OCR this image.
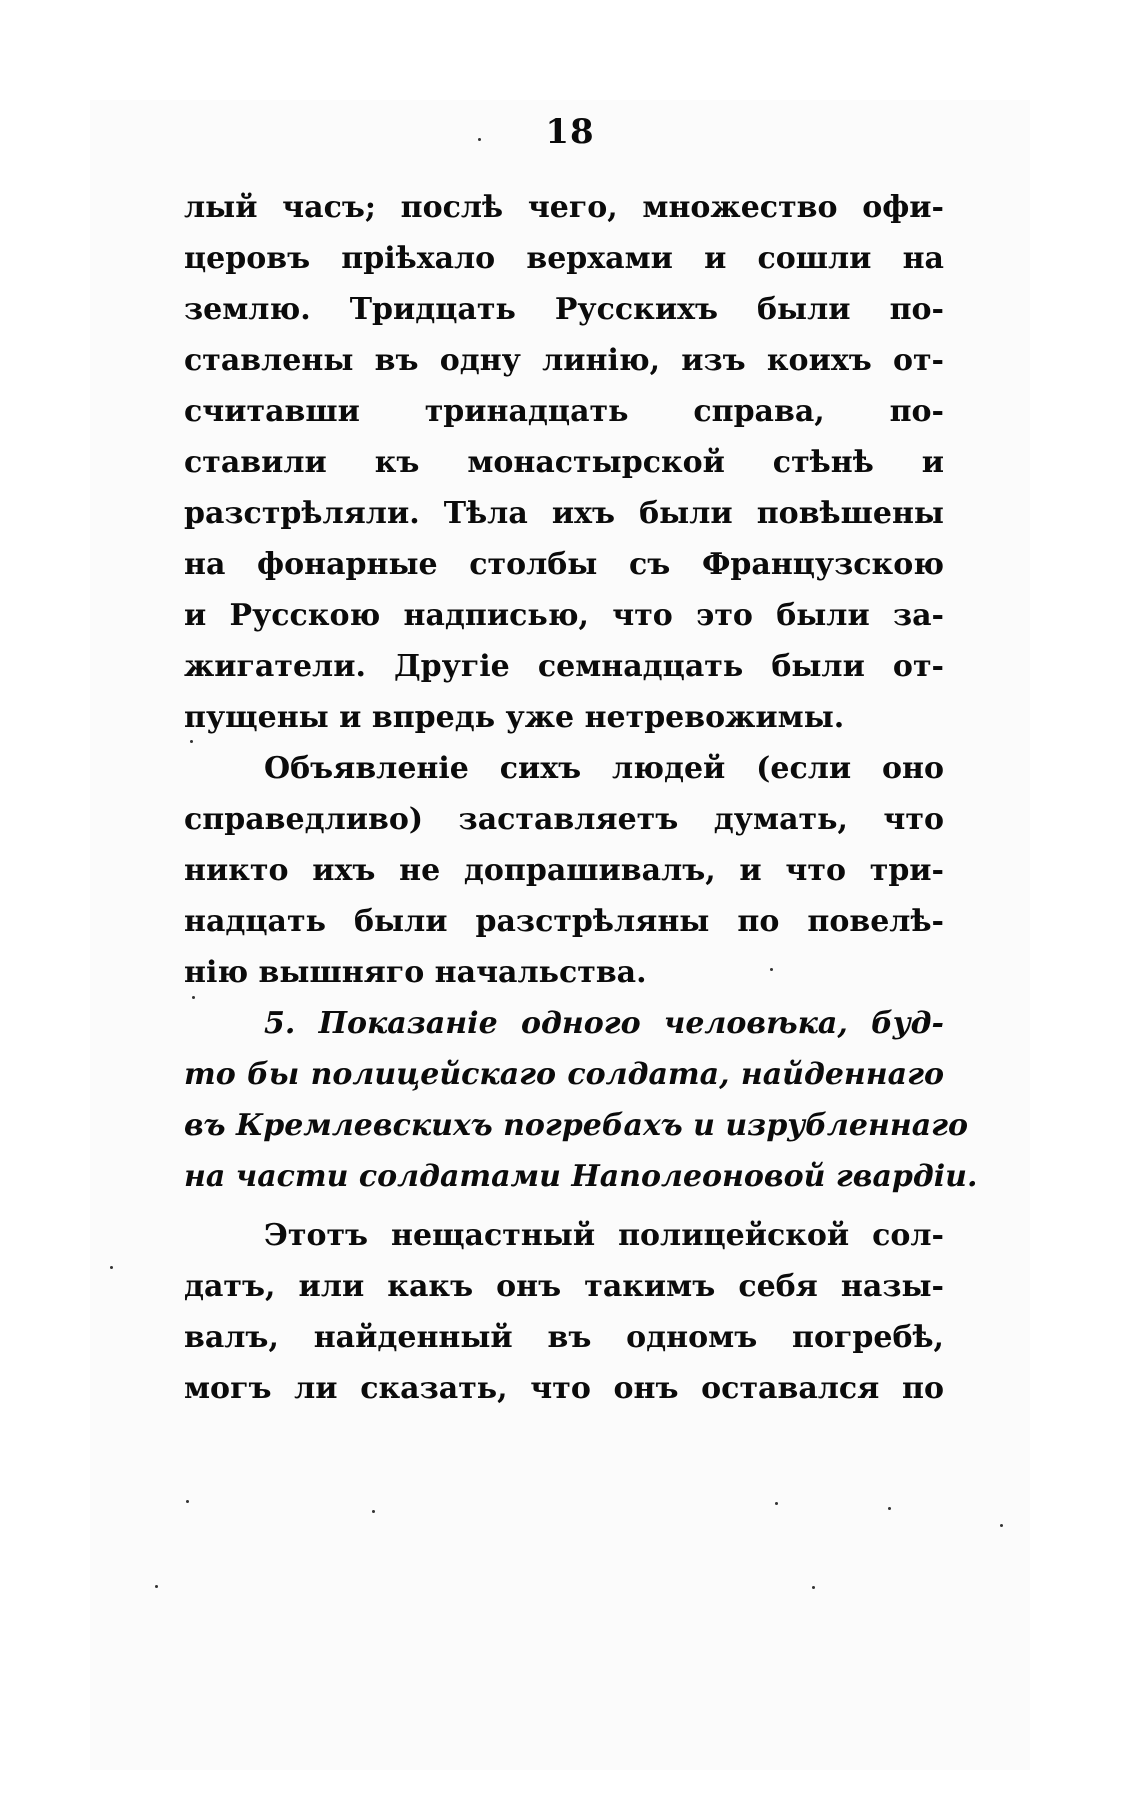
18
лый часъ; послѣ чего, множество офи-
церовъ пріѣхало верхами и сошли на
землю. Тридцать Русскихъ были по-
ставлены въ одну линію, изъ коихъ от-
считавши тринадцать справа, по-
ставили къ монастырской стѣнѣ и
разстрѣляли. Тѣла ихъ были повѣшены
на фонарные столбы съ Французскою
и Русскою надписью, что это были за-
жигатели. Другіе семнадцать были от-
пущены и впредь уже нетревожимы.
Объявленіе сихъ людей (если оно
справедливо) заставляетъ думать, что
никто ихъ не допрашивалъ, и что три-
надцать были разстрѣляны по повелѣ-
нію вышняго начальства.
5. Показаніе одного человѣка, буд-
то бы полицейскаго солдата, найденнаго
въ Кремлевскихъ погребахъ и изрубленнаго
на части солдатами Наполеоновой гвардіи.
Этотъ нещастный полицейской сол-
датъ, или какъ онъ такимъ себя назы-
валъ, найденный въ одномъ погребѣ,
могъ ли сказать, что онъ оставался по
